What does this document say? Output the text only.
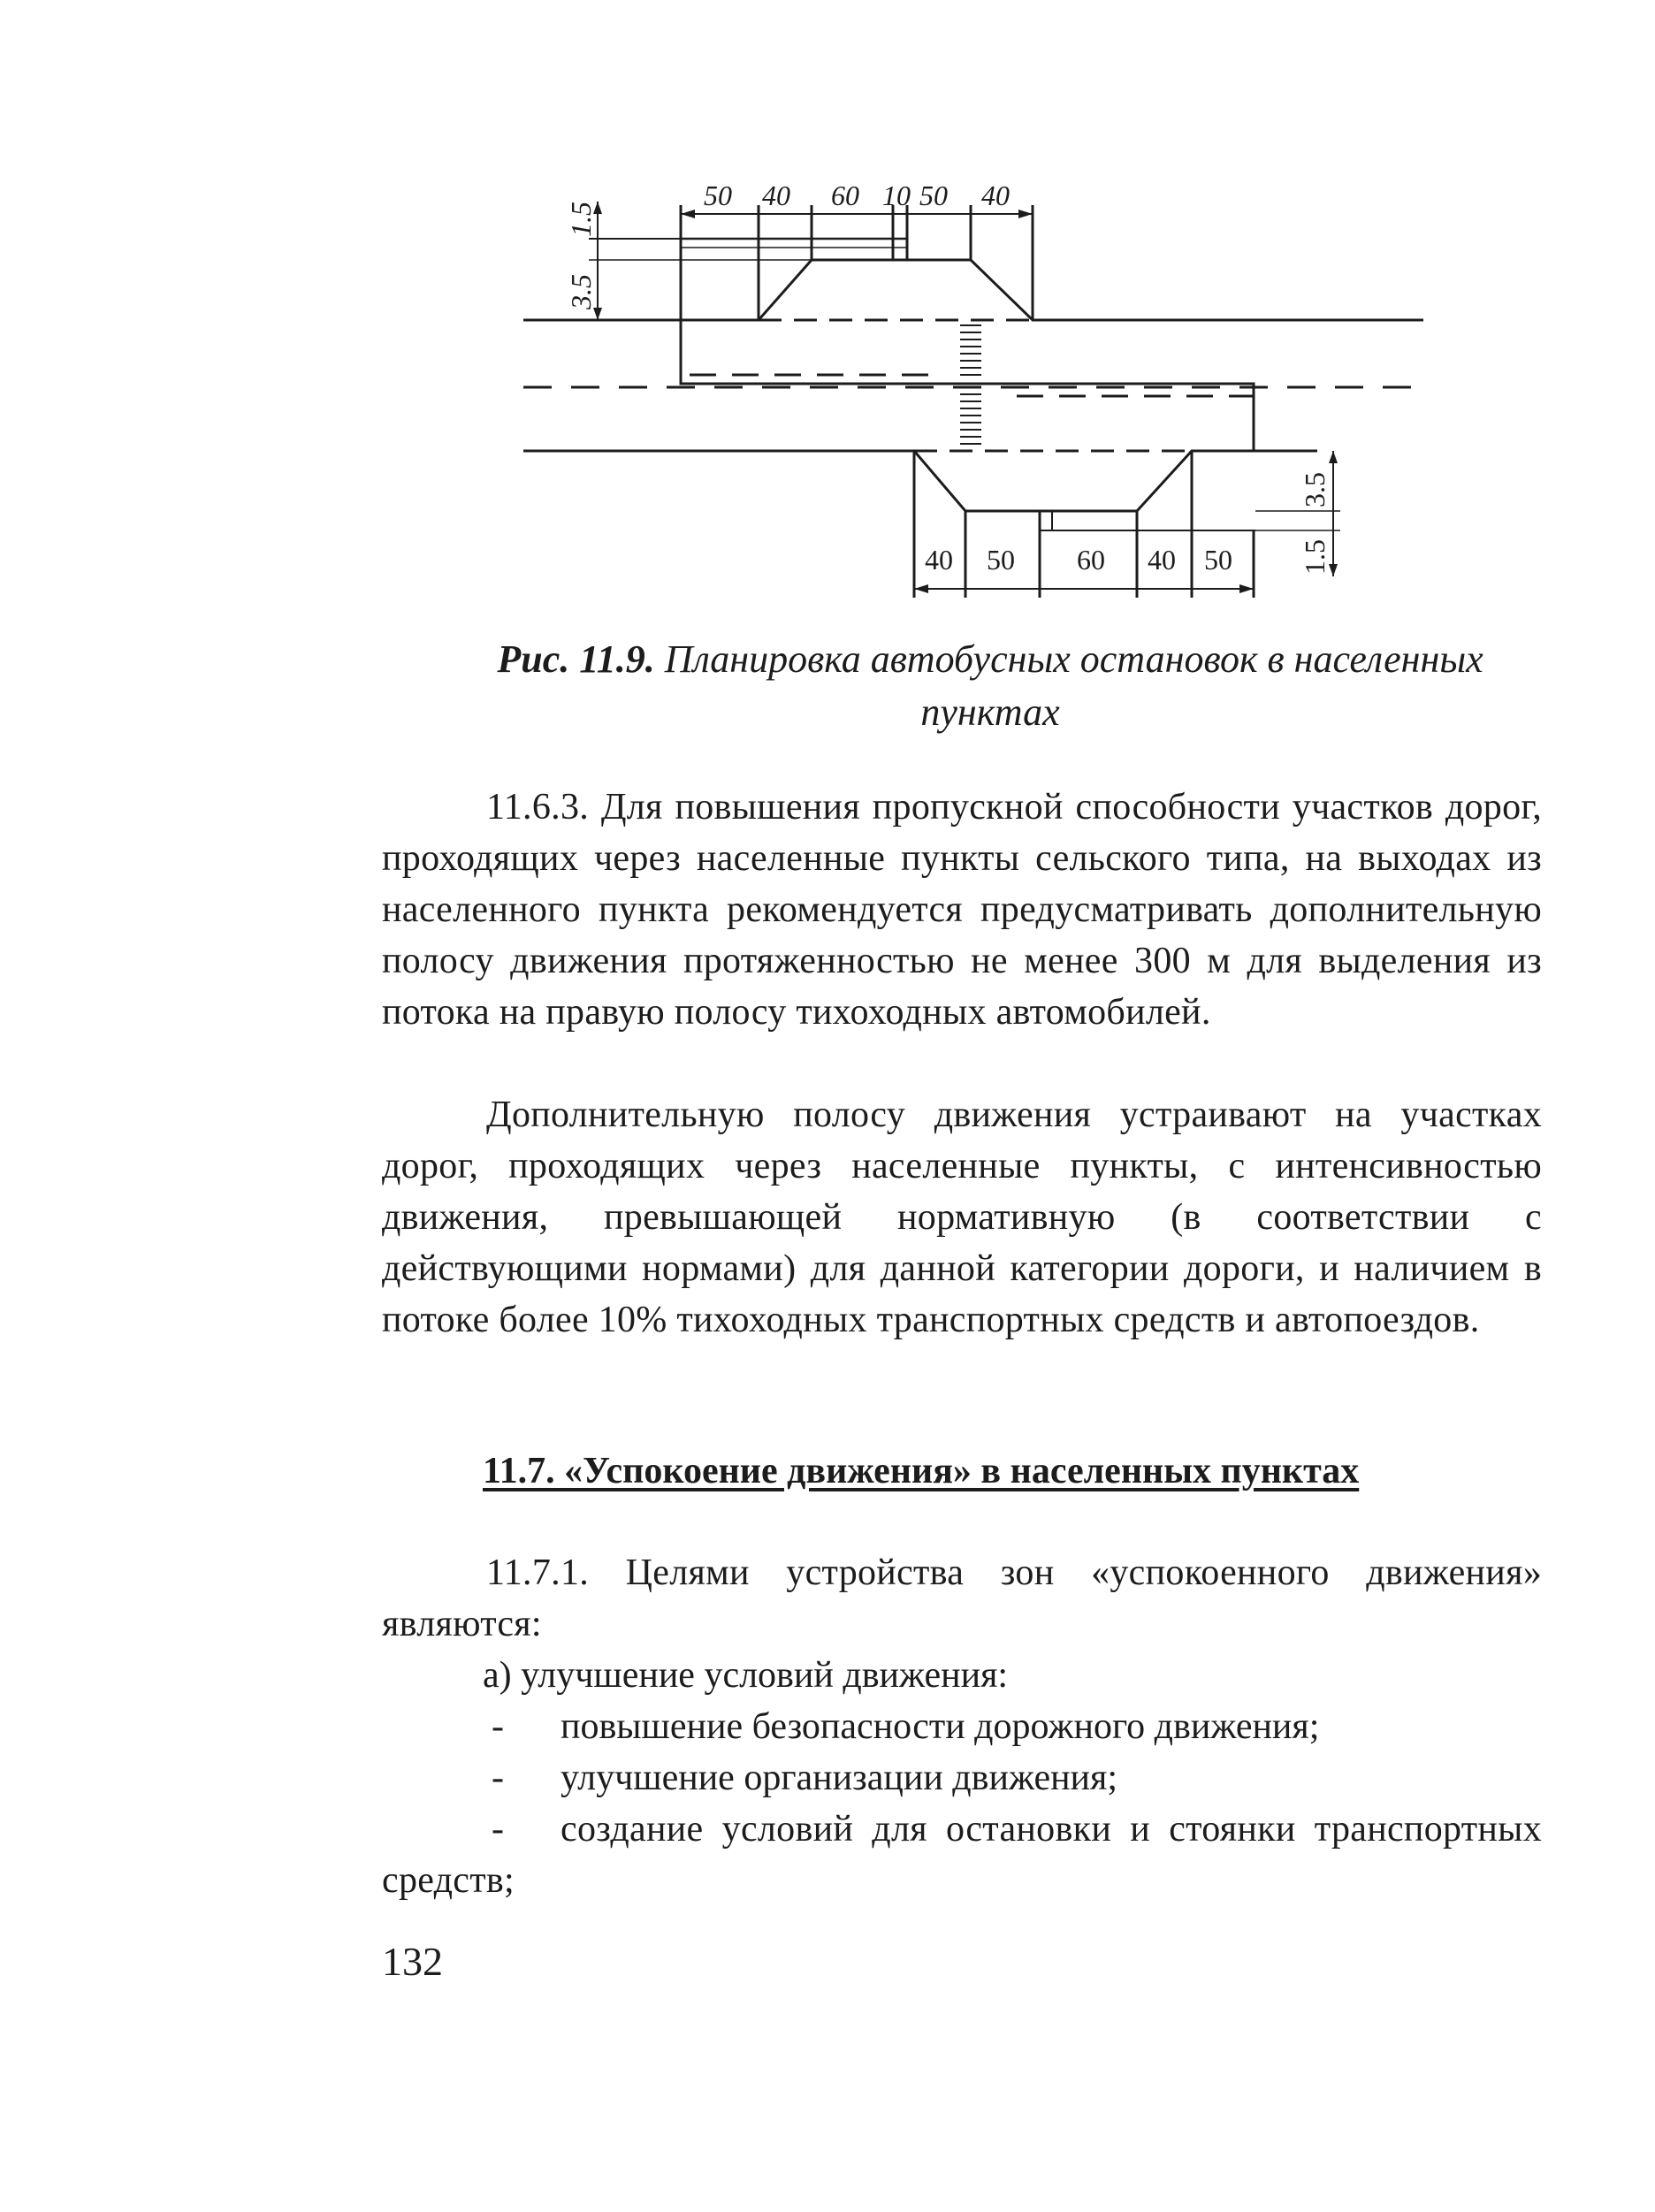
50 40 60 10 50 40
1.5
3.5
40 50 60 40 50
3.5
1.5
Рис. 11.9. Планировка автобусных остановок в населенных
пунктах
11.6.3. Для повышения пропускной способности участков дорог, проходящих через населенные пункты сельского типа, на выходах из населенного пункта рекомендуется предусматривать дополнительную полосу движения протяженностью не менее 300 м для выделения из потока на правую полосу тихоходных автомобилей.
Дополнительную полосу движения устраивают на участках дорог, проходящих через населенные пункты, с интенсивностью движения, превышающей нормативную (в соответствии с действующими нормами) для данной категории дороги, и наличием в потоке более 10% тихоходных транспортных средств и автопоездов.
11.7. «Успокоение движения» в населенных пунктах
11.7.1. Целями устройства зон «успокоенного движения» являются:
а) улучшение условий движения:
- повышение безопасности дорожного движения;
- улучшение организации движения;
-	создание условий для остановки и стоянки транспортных средств;
132
